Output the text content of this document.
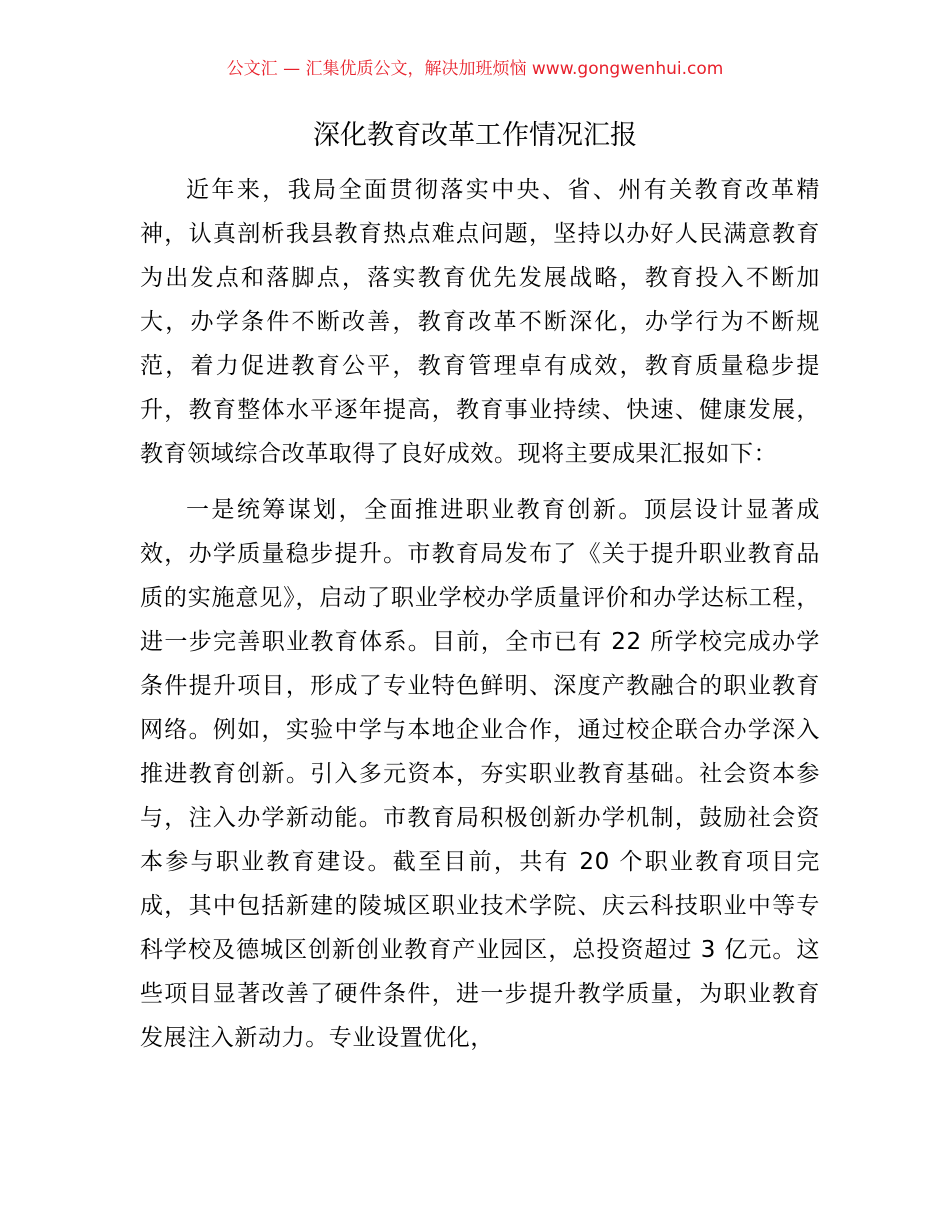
公文汇 — 汇集优质公文，解决加班烦恼 www.gongwenhui.com
深化教育改革工作情况汇报

近年来，我局全面贯彻落实中央、省、州有关教育改革精神，认真剖析我县教育热点难点问题，坚持以办好人民满意教育为出发点和落脚点，落实教育优先发展战略，教育投入不断加大，办学条件不断改善，教育改革不断深化，办学行为不断规范，着力促进教育公平，教育管理卓有成效，教育质量稳步提升，教育整体水平逐年提高，教育事业持续、快速、健康发展，教育领域综合改革取得了良好成效。现将主要成果汇报如下：

一是统筹谋划，全面推进职业教育创新。顶层设计显著成效，办学质量稳步提升。市教育局发布了《关于提升职业教育品质的实施意见》，启动了职业学校办学质量评价和办学达标工程，进一步完善职业教育体系。目前，全市已有 22 所学校完成办学条件提升项目，形成了专业特色鲜明、深度产教融合的职业教育网络。例如，实验中学与本地企业合作，通过校企联合办学深入推进教育创新。引入多元资本，夯实职业教育基础。社会资本参与，注入办学新动能。市教育局积极创新办学机制，鼓励社会资本参与职业教育建设。截至目前，共有 20 个职业教育项目完成，其中包括新建的陵城区职业技术学院、庆云科技职业中等专科学校及德城区创新创业教育产业园区，总投资超过 3 亿元。这些项目显著改善了硬件条件，进一步提升教学质量，为职业教育发展注入新动力。专业设置优化，
